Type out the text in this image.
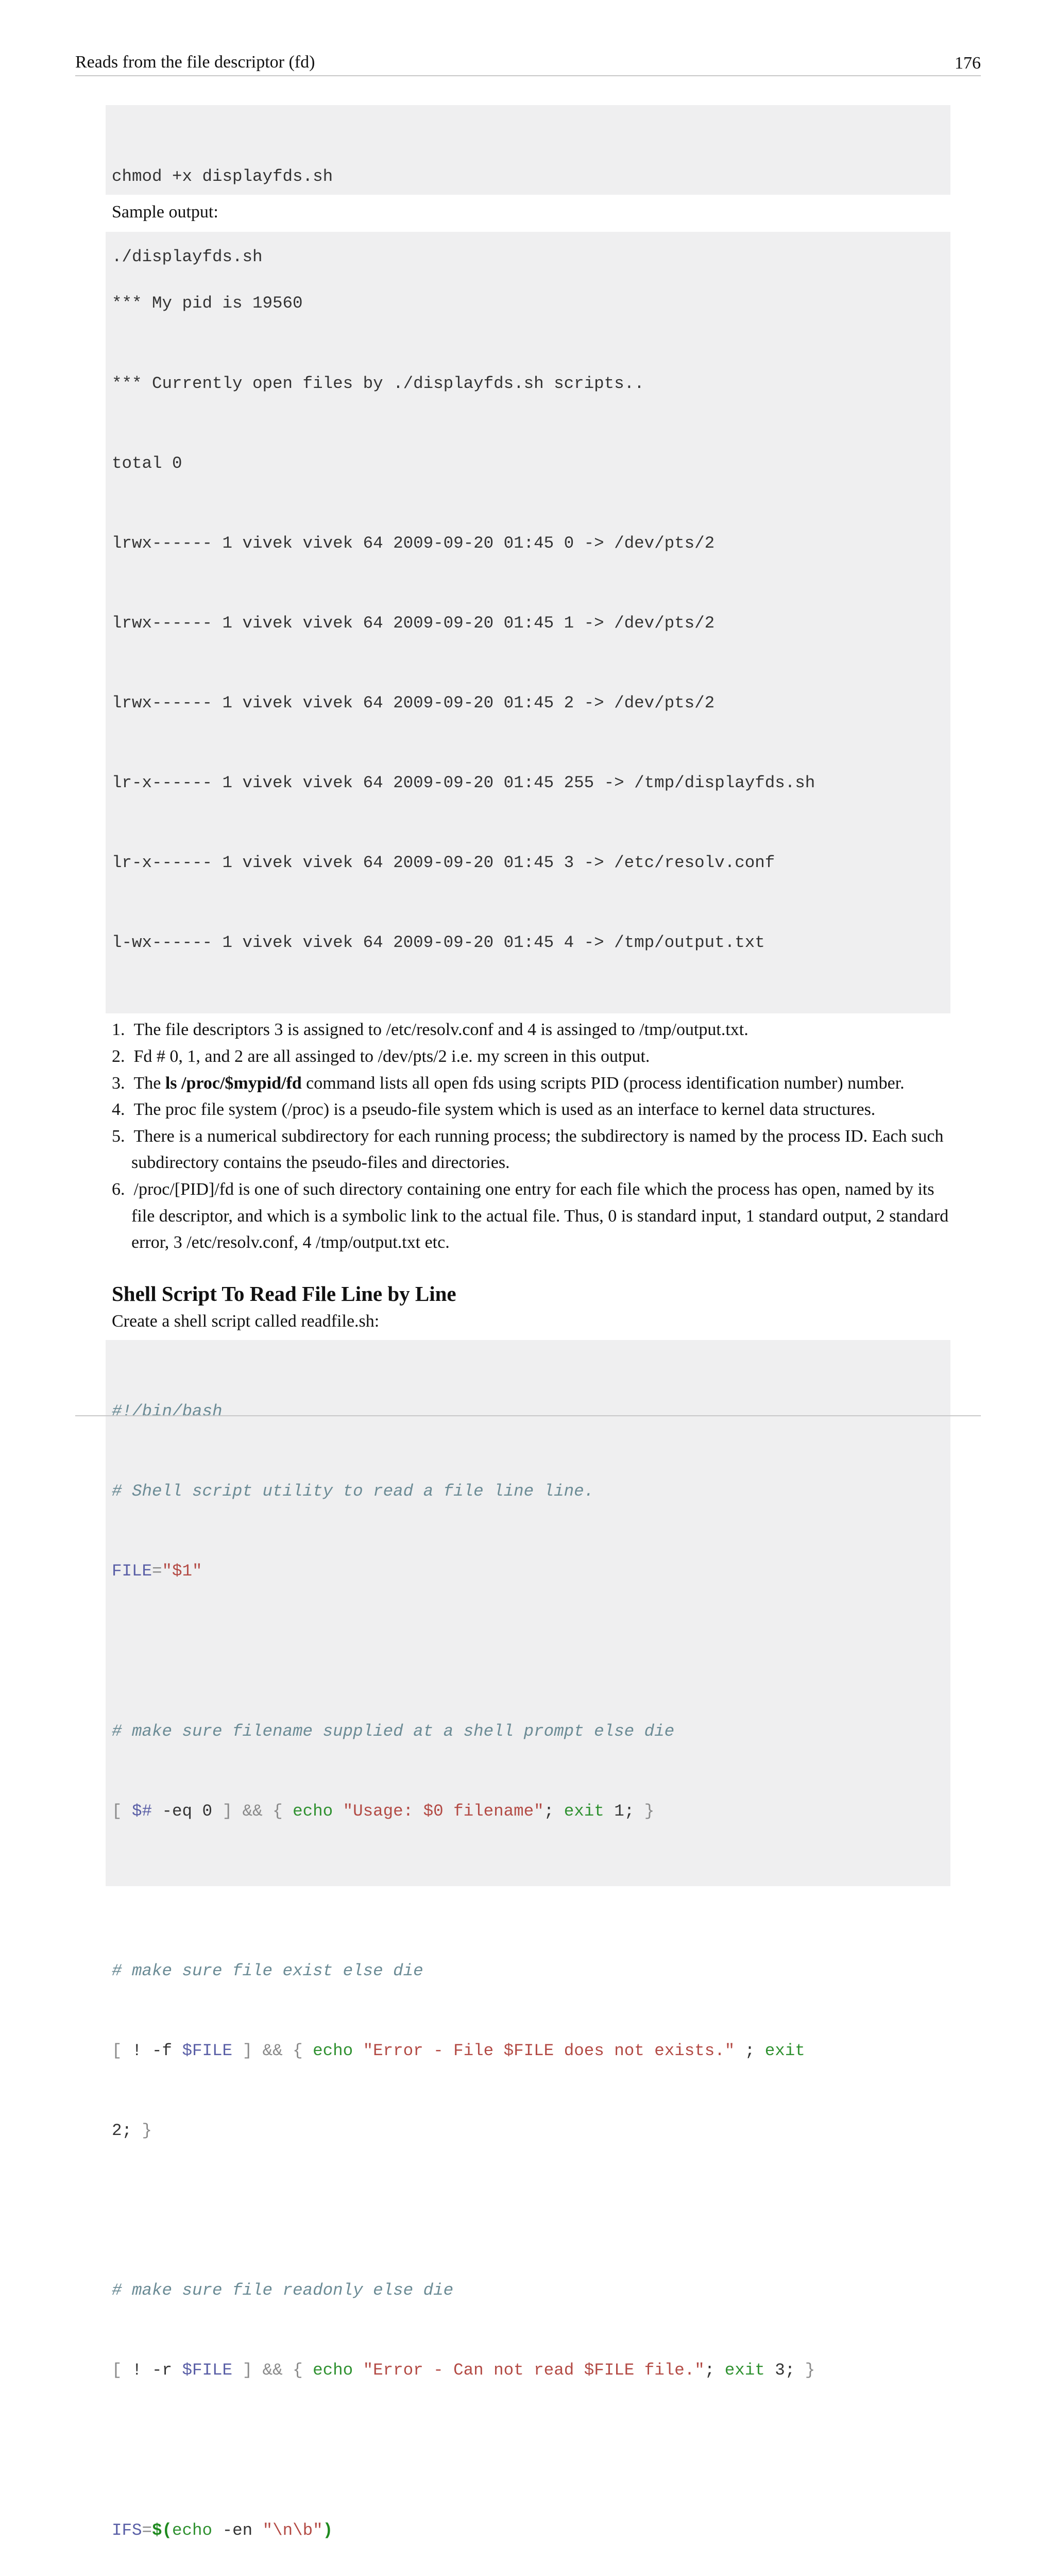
Reads from the file descriptor (fd)	176

chmod +x displayfds.sh

./displayfds.sh

Sample output:

*** My pid is 19560

*** Currently open files by ./displayfds.sh scripts..

total 0

lrwx------ 1 vivek vivek 64 2009-09-20 01:45 0 -> /dev/pts/2

lrwx------ 1 vivek vivek 64 2009-09-20 01:45 1 -> /dev/pts/2

lrwx------ 1 vivek vivek 64 2009-09-20 01:45 2 -> /dev/pts/2

lr-x------ 1 vivek vivek 64 2009-09-20 01:45 255 -> /tmp/displayfds.sh

lr-x------ 1 vivek vivek 64 2009-09-20 01:45 3 -> /etc/resolv.conf

l-wx------ 1 vivek vivek 64 2009-09-20 01:45 4 -> /tmp/output.txt

1.  The file descriptors 3 is assigned to /etc/resolv.conf and 4 is assinged to /tmp/output.txt.
2.  Fd # 0, 1, and 2 are all assinged to /dev/pts/2 i.e. my screen in this output.
3.  The ls /proc/$mypid/fd command lists all open fds using scripts PID (process identification number) number.
4.  The proc file system (/proc) is a pseudo-file system which is used as an interface to kernel data structures.
5.  There is a numerical subdirectory for each running process; the subdirectory is named by the process ID. Each such subdirectory contains the pseudo-files and directories.
6.  /proc/[PID]/fd is one of such directory containing one entry for each file which the process has open, named by its file descriptor, and which is a symbolic link to the actual file. Thus, 0 is standard input, 1 standard output, 2 standard error, 3 /etc/resolv.conf, 4 /tmp/output.txt etc.
Shell Script To Read File Line by Line
Create a shell script called readfile.sh:

#!/bin/bash

# Shell script utility to read a file line line.

FILE="$1"

# make sure filename supplied at a shell prompt else die

[ $# -eq 0 ] && { echo "Usage: $0 filename"; exit 1; }

# make sure file exist else die

[ ! -f $FILE ] && { echo "Error - File $FILE does not exists." ; exit

2; }

# make sure file readonly else die

[ ! -r $FILE ] && { echo "Error - Can not read $FILE file."; exit 3; }

IFS=$(echo -en "\n\b")
